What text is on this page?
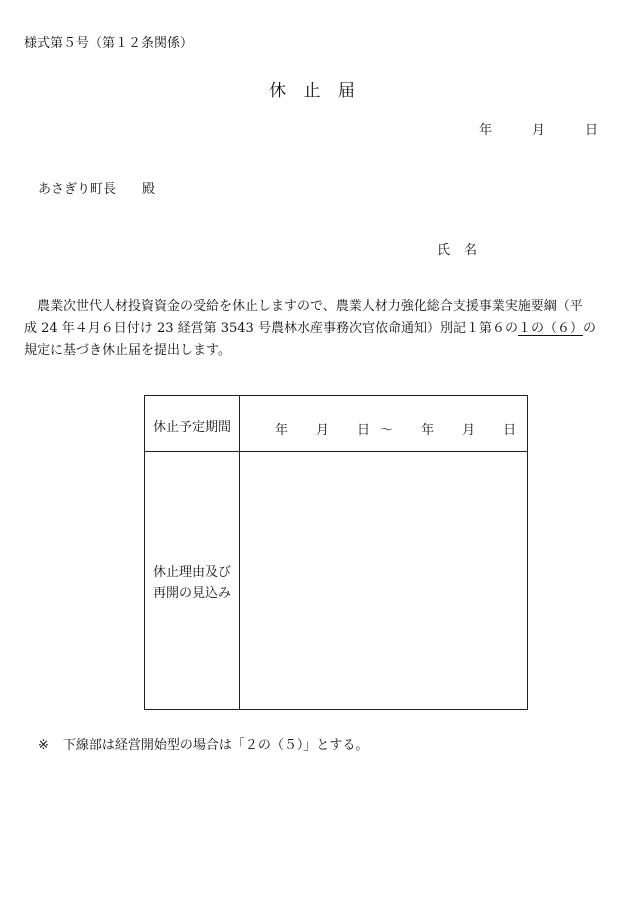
様式第５号（第１２条関係）
休 止 届
年	月	日
あさぎり町長 殿
氏 名
農業次世代人材投資資金の受給を休止しますので、農業人材力強化総合支援事業実施要綱（平
成 24 年４月６日付け 23 経営第 3543 号農林水産事務次官依命通知）別記１第６の１の（６）の
規定に基づき休止届を提出します。
休止予定期間	年 月 日 ～ 年 月 日
休止理由及び
再開の見込み
※ 下線部は経営開始型の場合は「２の（５）」とする。
